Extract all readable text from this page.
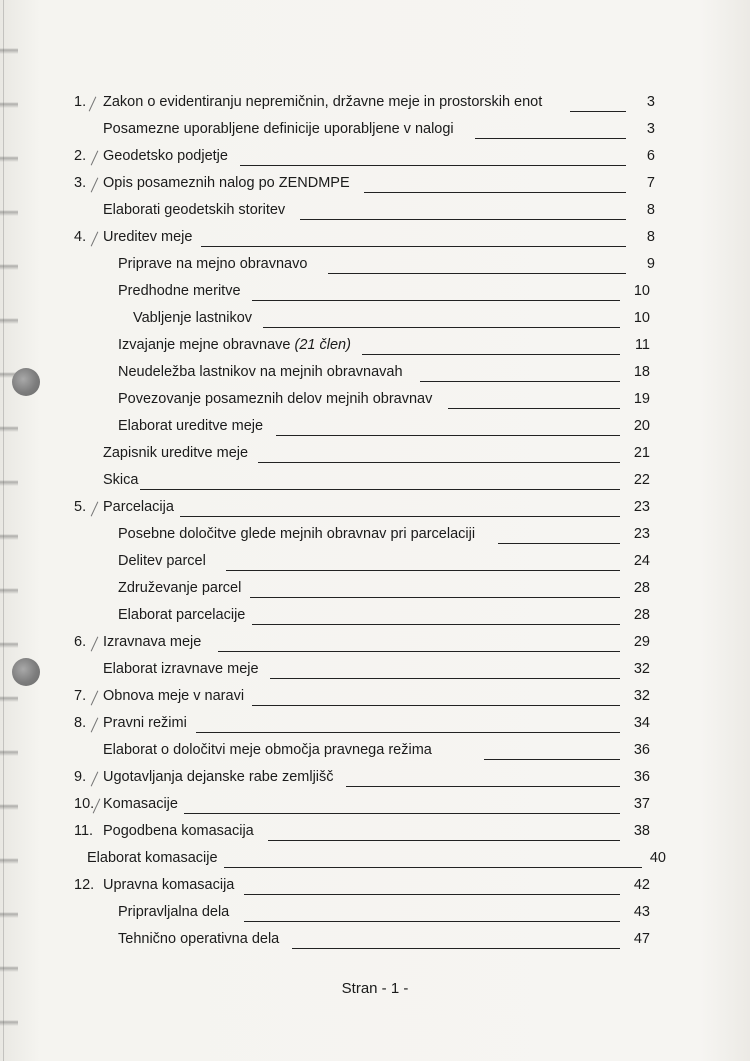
1. Zakon o evidentiranju nepremičnin, državne meje in prostorskih enot	3
Posamezne uporabljene definicije uporabljene v nalogi	3
2. Geodetsko podjetje	6
3. Opis posameznih nalog po ZENDMPE	7
Elaborati geodetskih storitev	8
4. Ureditev meje	8
Priprave na mejno obravnavo	9
Predhodne meritve	10
Vabljenje lastnikov	10
Izvajanje mejne obravnave (21 člen)	11
Neudeležba lastnikov na mejnih obravnavah	18
Povezovanje posameznih delov mejnih obravnav	19
Elaborat ureditve meje	20
Zapisnik ureditve meje	21
Skica	22
5. Parcelacija	23
Posebne določitve glede mejnih obravnav pri parcelaciji	23
Delitev parcel	24
Združevanje parcel	28
Elaborat parcelacije	28
6. Izravnava meje	29
Elaborat izravnave meje	32
7. Obnova meje v naravi	32
8. Pravni režimi	34
Elaborat o določitvi meje območja pravnega režima	36
9. Ugotavljanja dejanske rabe zemljišč	36
10. Komasacije	37
11. Pogodbena komasacija	38
Elaborat komasacije	40
12. Upravna komasacija	42
Pripravljalna dela	43
Tehnično operativna dela	47
Stran - 1 -
